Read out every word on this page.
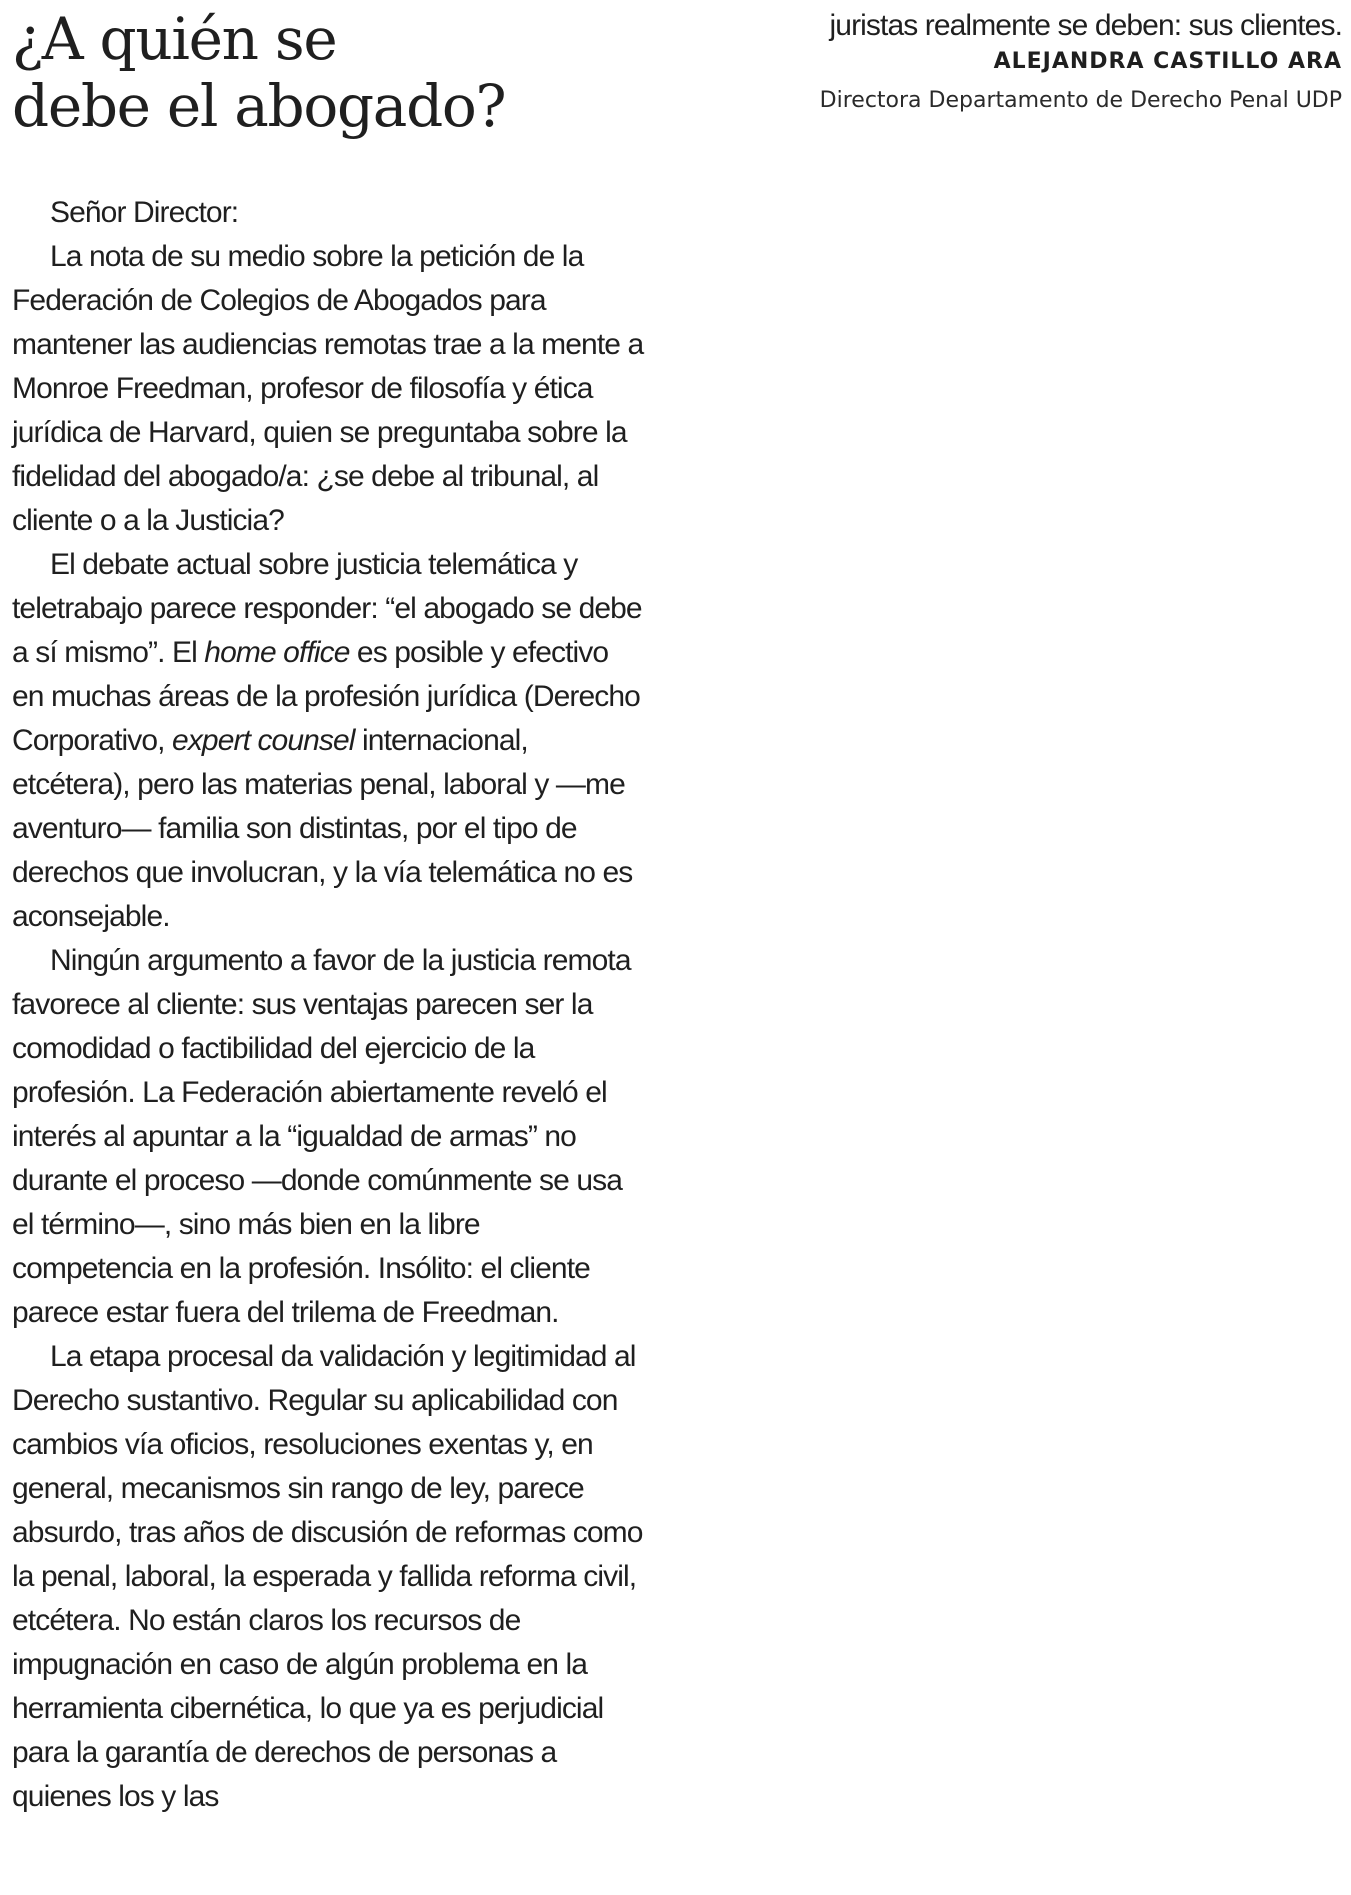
¿A quién se
debe el abogado?

Señor Director:

La nota de su medio sobre la petición de la Federación de Colegios de Abogados para mantener las audiencias remotas trae a la mente a Monroe Freedman, profesor de filosofía y ética jurídica de Harvard, quien se preguntaba sobre la fidelidad del abogado/a: ¿se debe al tribunal, al cliente o a la Justicia?

El debate actual sobre justicia telemática y teletrabajo parece responder: “el abogado se debe a sí mismo”. El home office es posible y efectivo en muchas áreas de la profesión jurídica (Derecho Corporativo, expert counsel internacional, etcétera), pero las materias penal, laboral y —me aventuro— familia son distintas, por el tipo de derechos que involucran, y la vía telemática no es aconsejable.

Ningún argumento a favor de la justicia remota favorece al cliente: sus ventajas parecen ser la comodidad o factibilidad del ejercicio de la profesión. La Federación abiertamente reveló el interés al apuntar a la “igualdad de armas” no durante el proceso —donde comúnmente se usa el término—, sino más bien en la libre competencia en la profesión. Insólito: el cliente parece estar fuera del trilema de Freedman.

La etapa procesal da validación y legitimidad al Derecho sustantivo. Regular su aplicabilidad con cambios vía oficios, resoluciones exentas y, en general, mecanismos sin rango de ley, parece absurdo, tras años de discusión de reformas como la penal, laboral, la esperada y fallida reforma civil, etcétera. No están claros los recursos de impugnación en caso de algún problema en la herramienta cibernética, lo que ya es perjudicial para la garantía de derechos de personas a quienes los y las

juristas realmente se deben: sus clientes.
ALEJANDRA CASTILLO ARA
Directora Departamento de Derecho Penal UDP
